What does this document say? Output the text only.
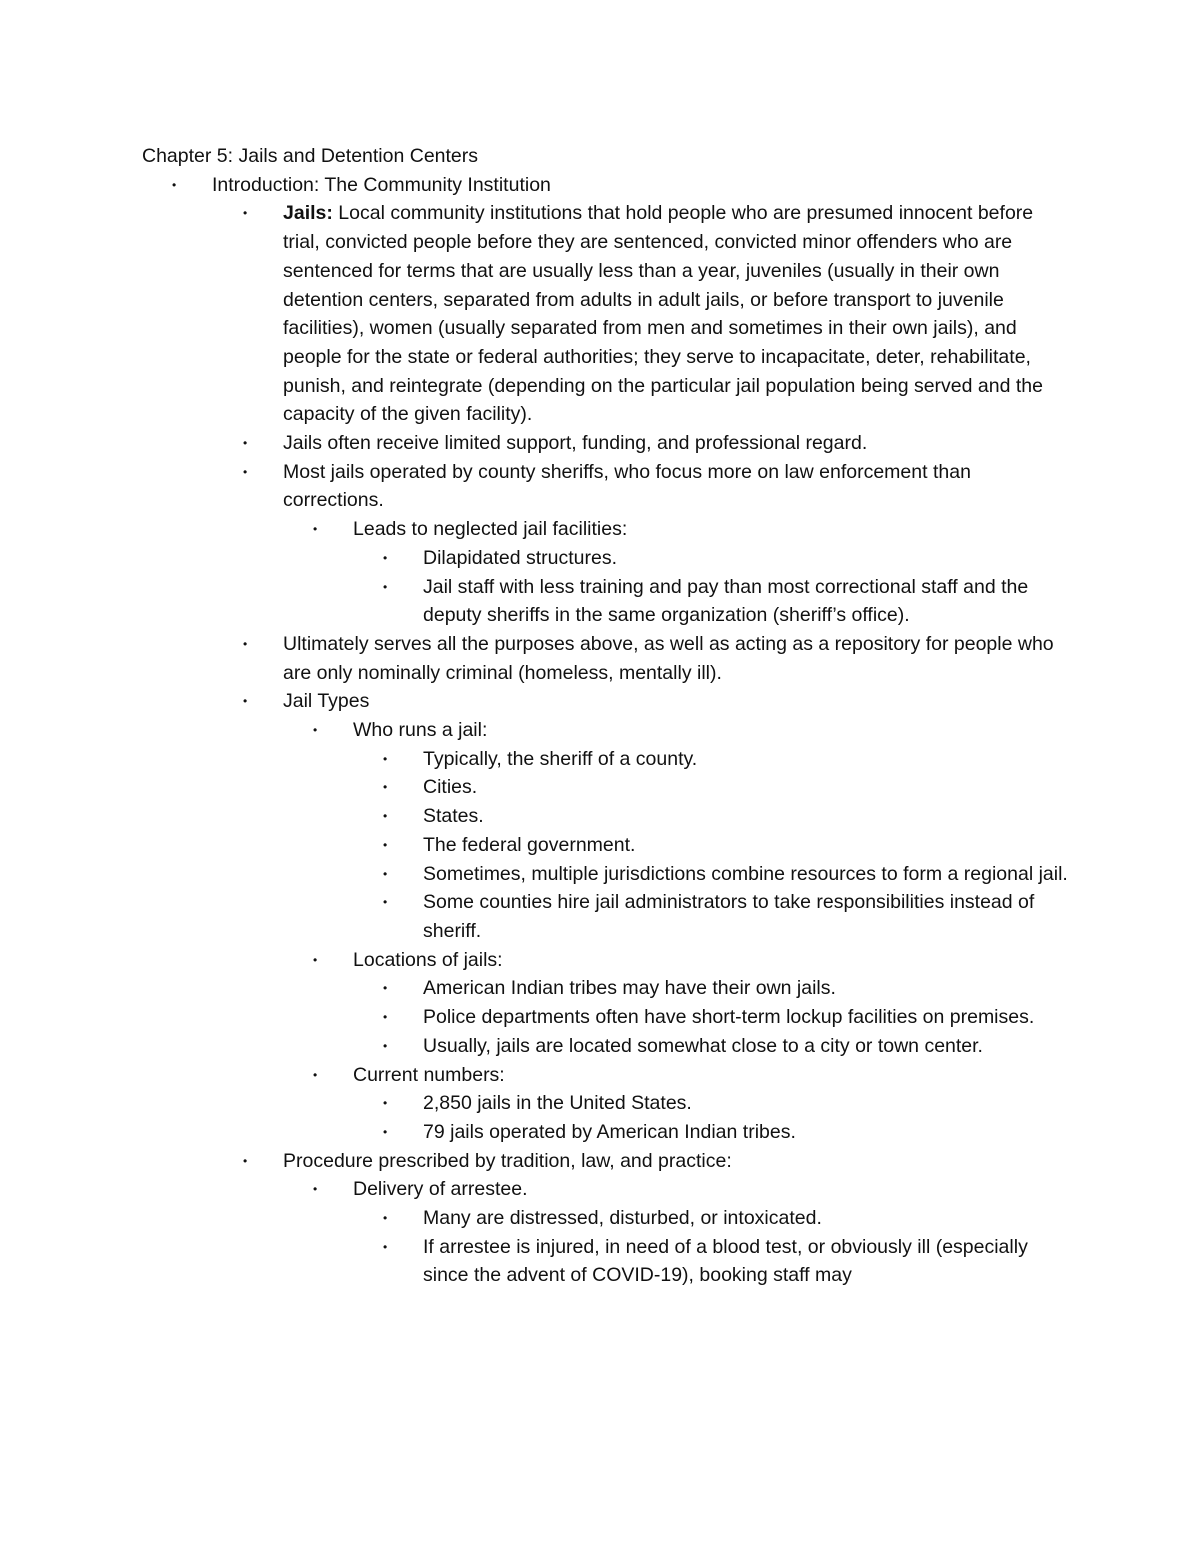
Chapter 5: Jails and Detention Centers

• Introduction: The Community Institution
• Jails: Local community institutions that hold people who are presumed innocent before trial, convicted people before they are sentenced, convicted minor offenders who are sentenced for terms that are usually less than a year, juveniles (usually in their own detention centers, separated from adults in adult jails, or before transport to juvenile facilities), women (usually separated from men and sometimes in their own jails), and people for the state or federal authorities; they serve to incapacitate, deter, rehabilitate, punish, and reintegrate (depending on the particular jail population being served and the capacity of the given facility).
• Jails often receive limited support, funding, and professional regard.
• Most jails operated by county sheriffs, who focus more on law enforcement than corrections.
• Leads to neglected jail facilities:
• Dilapidated structures.
• Jail staff with less training and pay than most correctional staff and the deputy sheriffs in the same organization (sheriff’s office).
• Ultimately serves all the purposes above, as well as acting as a repository for people who are only nominally criminal (homeless, mentally ill).
• Jail Types
• Who runs a jail:
• Typically, the sheriff of a county.
• Cities.
• States.
• The federal government.
• Sometimes, multiple jurisdictions combine resources to form a regional jail.
• Some counties hire jail administrators to take responsibilities instead of sheriff.
• Locations of jails:
• American Indian tribes may have their own jails.
• Police departments often have short-term lockup facilities on premises.
• Usually, jails are located somewhat close to a city or town center.
• Current numbers:
• 2,850 jails in the United States.
• 79 jails operated by American Indian tribes.
• Procedure prescribed by tradition, law, and practice:
• Delivery of arrestee.
• Many are distressed, disturbed, or intoxicated.
• If arrestee is injured, in need of a blood test, or obviously ill (especially since the advent of COVID-19), booking staff may
